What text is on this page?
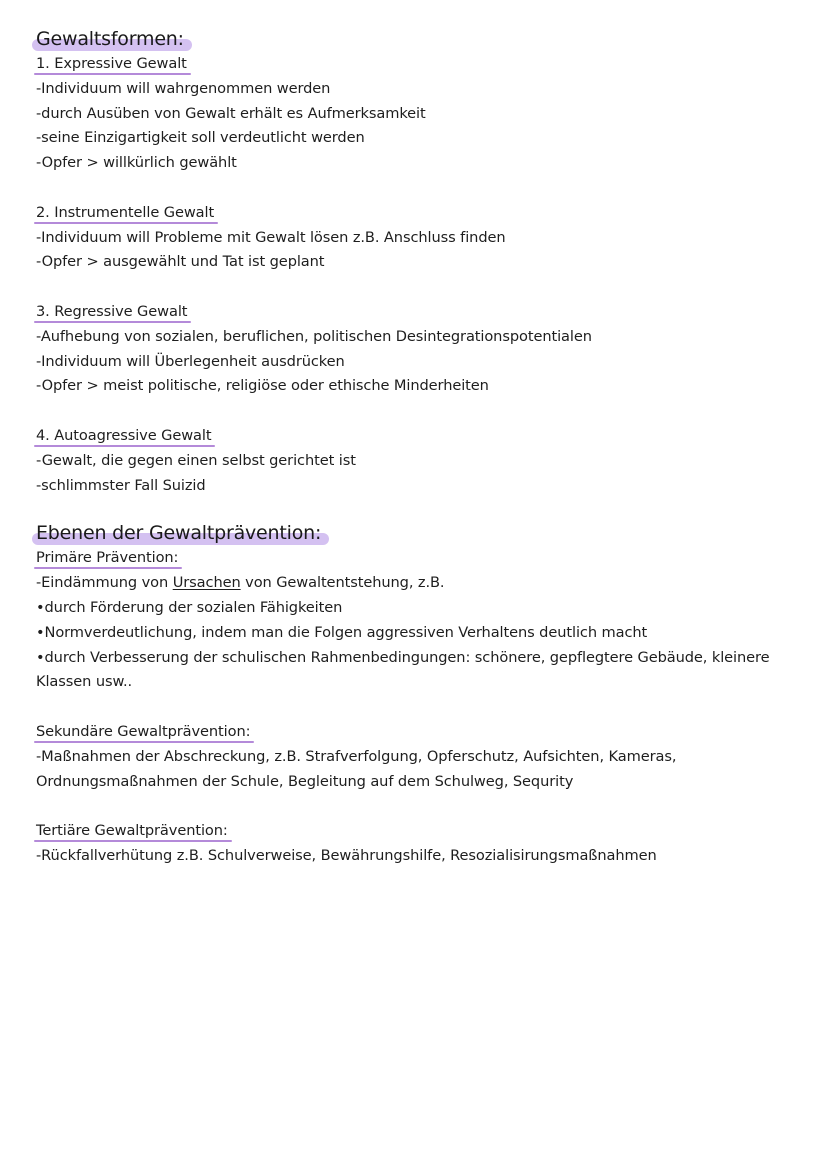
Gewaltsformen:

1. Expressive Gewalt

-Individuum will wahrgenommen werden

-durch Ausüben von Gewalt erhält es Aufmerksamkeit

-seine Einzigartigkeit soll verdeutlicht werden

-Opfer > willkürlich gewählt

2. Instrumentelle Gewalt

-Individuum will Probleme mit Gewalt lösen z.B. Anschluss finden

-Opfer > ausgewählt und Tat ist geplant

3. Regressive Gewalt

-Aufhebung von sozialen, beruflichen, politischen Desintegrationspotentialen

-Individuum will Überlegenheit ausdrücken

-Opfer > meist politische, religiöse oder ethische Minderheiten

4. Autoagressive Gewalt

-Gewalt, die gegen einen selbst gerichtet ist

-schlimmster Fall Suizid

Ebenen der Gewaltprävention:

Primäre Prävention:

-Eindämmung von Ursachen von Gewaltentstehung, z.B.

•durch Förderung der sozialen Fähigkeiten

•Normverdeutlichung, indem man die Folgen aggressiven Verhaltens deutlich macht

•durch Verbesserung der schulischen Rahmenbedingungen: schönere, gepflegtere Gebäude, kleinere

Klassen usw..

Sekundäre Gewaltprävention:

-Maßnahmen der Abschreckung, z.B. Strafverfolgung, Opferschutz, Aufsichten, Kameras,

Ordnungsmaßnahmen der Schule, Begleitung auf dem Schulweg, Sequrity

Tertiäre Gewaltprävention:

-Rückfallverhütung z.B. Schulverweise, Bewährungshilfe, Resozialisirungsmaßnahmen
